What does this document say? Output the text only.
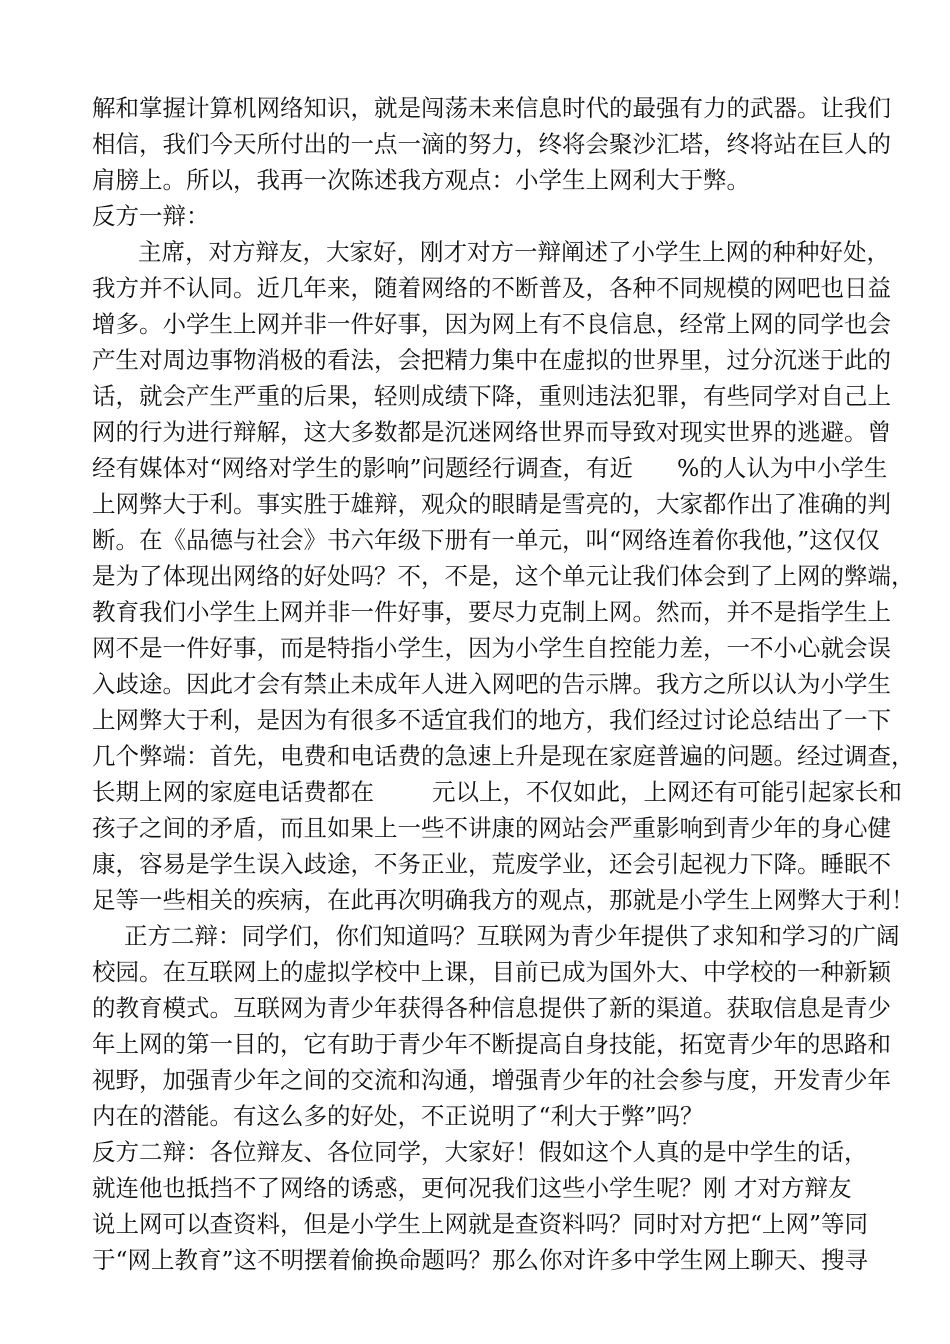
解和掌握计算机网络知识，就是闯荡未来信息时代的最强有力的武器。让我们
相信，我们今天所付出的一点一滴的努力，终将会聚沙汇塔，终将站在巨人的
肩膀上。所以，我再一次陈述我方观点：小学生上网利大于弊。
反方一辩：
主席，对方辩友，大家好，刚才对方一辩阐述了小学生上网的种种好处，
我方并不认同。近几年来，随着网络的不断普及，各种不同规模的网吧也日益
增多。小学生上网并非一件好事，因为网上有不良信息，经常上网的同学也会
产生对周边事物消极的看法，会把精力集中在虚拟的世界里，过分沉迷于此的
话，就会产生严重的后果，轻则成绩下降，重则违法犯罪，有些同学对自己上
网的行为进行辩解，这大多数都是沉迷网络世界而导致对现实世界的逃避。曾
经有媒体对“网络对学生的影响”问题经行调查，有近 %的人认为中小学生
上网弊大于利。事实胜于雄辩，观众的眼睛是雪亮的，大家都作出了准确的判
断。在《品德与社会》书六年级下册有一单元，叫“网络连着你我他，”这仅仅
是为了体现出网络的好处吗？不，不是，这个单元让我们体会到了上网的弊端，
教育我们小学生上网并非一件好事，要尽力克制上网。然而，并不是指学生上
网不是一件好事，而是特指小学生，因为小学生自控能力差，一不小心就会误
入歧途。因此才会有禁止未成年人进入网吧的告示牌。我方之所以认为小学生
上网弊大于利，是因为有很多不适宜我们的地方，我们经过讨论总结出了一下
几个弊端：首先，电费和电话费的急速上升是现在家庭普遍的问题。经过调查，
长期上网的家庭电话费都在 元以上，不仅如此，上网还有可能引起家长和
孩子之间的矛盾，而且如果上一些不讲康的网站会严重影响到青少年的身心健
康，容易是学生误入歧途，不务正业，荒废学业，还会引起视力下降。睡眠不
足等一些相关的疾病，在此再次明确我方的观点，那就是小学生上网弊大于利！
正方二辩：同学们，你们知道吗？互联网为青少年提供了求知和学习的广阔
校园。在互联网上的虚拟学校中上课，目前已成为国外大、中学校的一种新颖
的教育模式。互联网为青少年获得各种信息提供了新的渠道。获取信息是青少
年上网的第一目的，它有助于青少年不断提高自身技能，拓宽青少年的思路和
视野，加强青少年之间的交流和沟通，增强青少年的社会参与度，开发青少年
内在的潜能。有这么多的好处，不正说明了“利大于弊”吗？
反方二辩：各位辩友、各位同学，大家好！假如这个人真的是中学生的话，
就连他也抵挡不了网络的诱惑，更何况我们这些小学生呢？刚 才对方辩友
说上网可以查资料，但是小学生上网就是查资料吗？同时对方把“上网”等同
于“网上教育”这不明摆着偷换命题吗？那么你对许多中学生网上聊天、搜寻
